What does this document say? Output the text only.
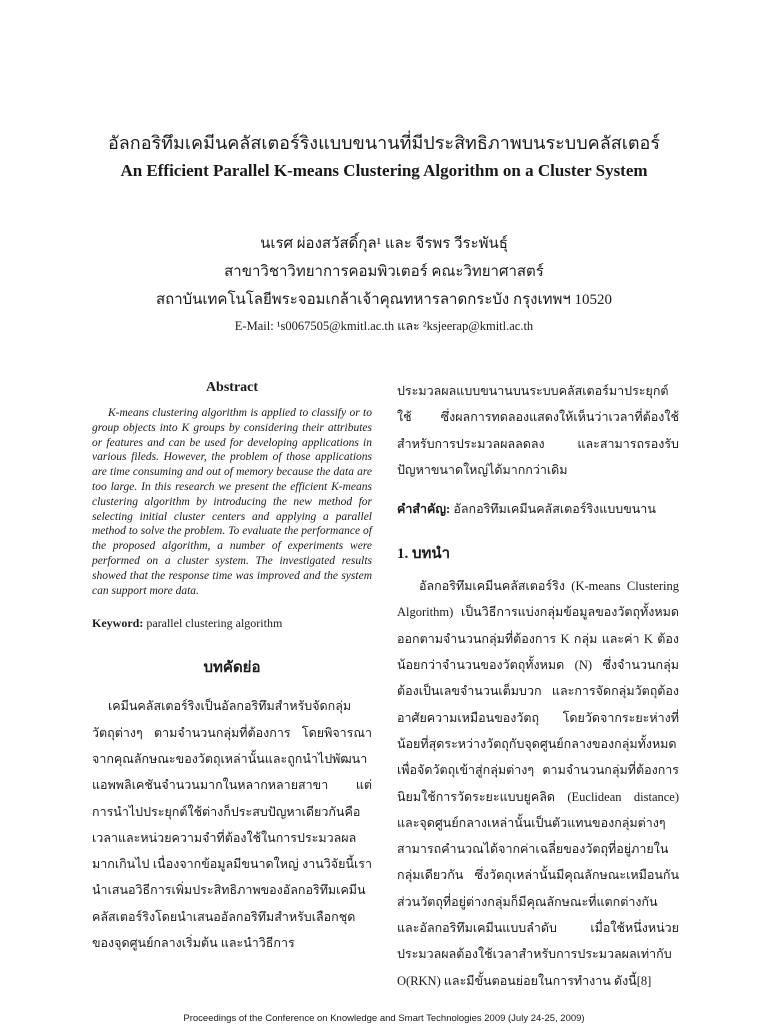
อัลกอริทึมเคมีนคลัสเตอร์ริงแบบขนานที่มีประสิทธิภาพบนระบบคลัสเตอร์
An Efficient Parallel K-means Clustering Algorithm on a Cluster System

นเรศ ผ่องสวัสดิ์กุล¹ และ จีรพร วีระพันธุ์

สาขาวิชาวิทยาการคอมพิวเตอร์ คณะวิทยาศาสตร์

สถาบันเทคโนโลยีพระจอมเกล้าเจ้าคุณทหารลาดกระบัง กรุงเทพฯ 10520

E-Mail: ¹s0067505@kmitl.ac.th และ ²ksjeerap@kmitl.ac.th

Abstract

K-means clustering algorithm is applied to classify or to group objects into K groups by considering their attributes or features and can be used for developing applications in various fileds. However, the problem of those applications are time consuming and out of memory because the data are too large. In this research we present the efficient K-means clustering algorithm by introducing the new method for selecting initial cluster centers and applying a parallel method to solve the problem. To evaluate the performance of the proposed algorithm, a number of experiments were performed on a cluster system. The investigated results showed that the response time was improved and the system can support more data.

Keyword: parallel clustering algorithm

บทคัดย่อ

เคมีนคลัสเตอร์ริงเป็นอัลกอริทึมสำหรับจัดกลุ่มวัตถุต่างๆ ตามจำนวนกลุ่มที่ต้องการ โดยพิจารณาจากคุณลักษณะของวัตถุเหล่านั้นและถูกนำไปพัฒนาแอพพลิเคชันจำนวนมากในหลากหลายสาขา แต่การนำไปประยุกต์ใช้ต่างก็ประสบปัญหาเดียวกันคือ เวลาและหน่วยความจำที่ต้องใช้ในการประมวลผลมากเกินไป เนื่องจากข้อมูลมีขนาดใหญ่ งานวิจัยนี้เรานำเสนอวิธีการเพิ่มประสิทธิภาพของอัลกอริทึมเคมีนคลัสเตอร์ริงโดยนำเสนออัลกอริทึมสำหรับเลือกชุดของจุดศูนย์กลางเริ่มต้น และนำวิธีการ

ประมวลผลแบบขนานบนระบบคลัสเตอร์มาประยุกต์ใช้ ซึ่งผลการทดลองแสดงให้เห็นว่าเวลาที่ต้องใช้สำหรับการประมวลผลลดลง และสามารถรองรับปัญหาขนาดใหญ่ได้มากกว่าเดิม

คำสำคัญ: อัลกอริทึมเคมีนคลัสเตอร์ริงแบบขนาน

1. บทนำ

อัลกอริทึมเคมีนคลัสเตอร์ริง (K-means Clustering Algorithm) เป็นวิธีการแบ่งกลุ่มข้อมูลของวัตถุทั้งหมดออกตามจำนวนกลุ่มที่ต้องการ K กลุ่ม และค่า K ต้องน้อยกว่าจำนวนของวัตถุทั้งหมด (N) ซึ่งจำนวนกลุ่มต้องเป็นเลขจำนวนเต็มบวก และการจัดกลุ่มวัตถุต้องอาศัยความเหมือนของวัตถุ โดยวัดจากระยะห่างที่น้อยที่สุดระหว่างวัตถุกับจุดศูนย์กลางของกลุ่มทั้งหมด เพื่อจัดวัตถุเข้าสู่กลุ่มต่างๆ ตามจำนวนกลุ่มที่ต้องการ นิยมใช้การวัดระยะแบบยูคลิด (Euclidean distance) และจุดศูนย์กลางเหล่านั้นเป็นตัวแทนของกลุ่มต่างๆ สามารถคำนวณได้จากค่าเฉลี่ยของวัตถุที่อยู่ภายในกลุ่มเดียวกัน ซึ่งวัตถุเหล่านั้นมีคุณลักษณะเหมือนกัน ส่วนวัตถุที่อยู่ต่างกลุ่มก็มีคุณลักษณะที่แตกต่างกัน และอัลกอริทึมเคมีนแบบลำดับ เมื่อใช้หนึ่งหน่วยประมวลผลต้องใช้เวลาสำหรับการประมวลผลเท่ากับ O(RKN) และมีขั้นตอนย่อยในการทำงาน ดังนี้[8]

Proceedings of the Conference on Knowledge and Smart Technologies 2009 (July 24-25, 2009)
